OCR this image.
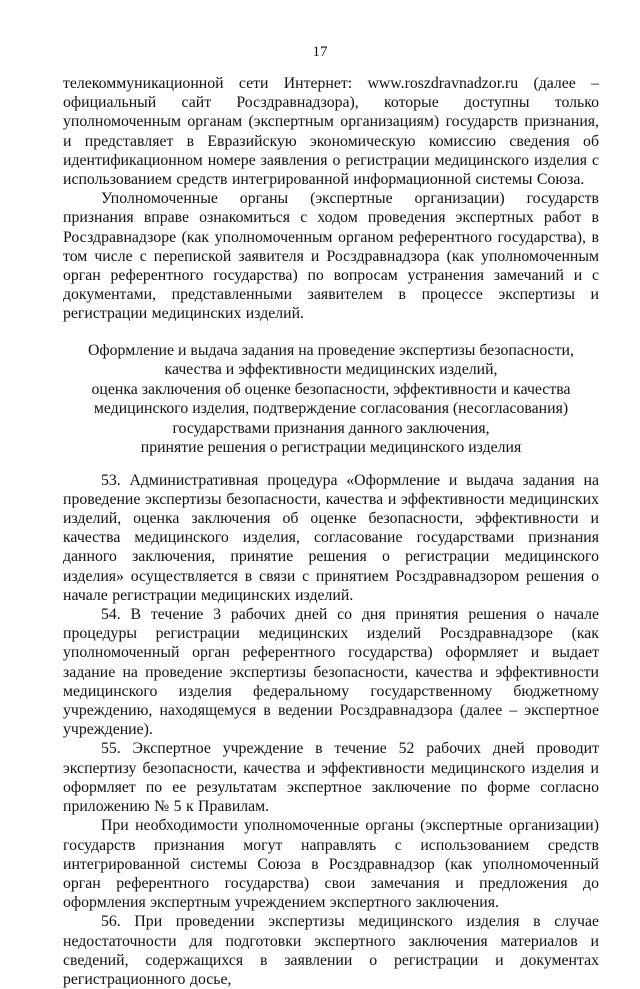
17

телекоммуникационной сети Интернет: www.roszdravnadzor.ru (далее – официальный сайт Росздравнадзора), которые доступны только уполномоченным органам (экспертным организациям) государств признания, и представляет в Евразийскую экономическую комиссию сведения об идентификационном номере заявления о регистрации медицинского изделия с использованием средств интегрированной информационной системы Союза.

Уполномоченные органы (экспертные организации) государств признания вправе ознакомиться с ходом проведения экспертных работ в Росздравнадзоре (как уполномоченным органом референтного государства), в том числе с перепиской заявителя и Росздравнадзора (как уполномоченным орган референтного государства) по вопросам устранения замечаний и с документами, представленными заявителем в процессе экспертизы и регистрации медицинских изделий.

Оформление и выдача задания на проведение экспертизы безопасности,
качества и эффективности медицинских изделий,
оценка заключения об оценке безопасности, эффективности и качества
медицинского изделия, подтверждение согласования (несогласования)
государствами признания данного заключения,
принятие решения о регистрации медицинского изделия

53. Административная процедура «Оформление и выдача задания на проведение экспертизы безопасности, качества и эффективности медицинских изделий, оценка заключения об оценке безопасности, эффективности и качества медицинского изделия, согласование государствами признания данного заключения, принятие решения о регистрации медицинского изделия» осуществляется в связи с принятием Росздравнадзором решения о начале регистрации медицинских изделий.

54. В течение 3 рабочих дней со дня принятия решения о начале процедуры регистрации медицинских изделий Росздравнадзоре (как уполномоченный орган референтного государства) оформляет и выдает задание на проведение экспертизы безопасности, качества и эффективности медицинского изделия федеральному государственному бюджетному учреждению, находящемуся в ведении Росздравнадзора (далее – экспертное учреждение).

55. Экспертное учреждение в течение 52 рабочих дней проводит экспертизу безопасности, качества и эффективности медицинского изделия и оформляет по ее результатам экспертное заключение по форме согласно приложению № 5 к Правилам.

При необходимости уполномоченные органы (экспертные организации) государств признания могут направлять с использованием средств интегрированной системы Союза в Росздравнадзор (как уполномоченный орган референтного государства) свои замечания и предложения до оформления экспертным учреждением экспертного заключения.

56. При проведении экспертизы медицинского изделия в случае недостаточности для подготовки экспертного заключения материалов и сведений, содержащихся в заявлении о регистрации и документах регистрационного досье,
